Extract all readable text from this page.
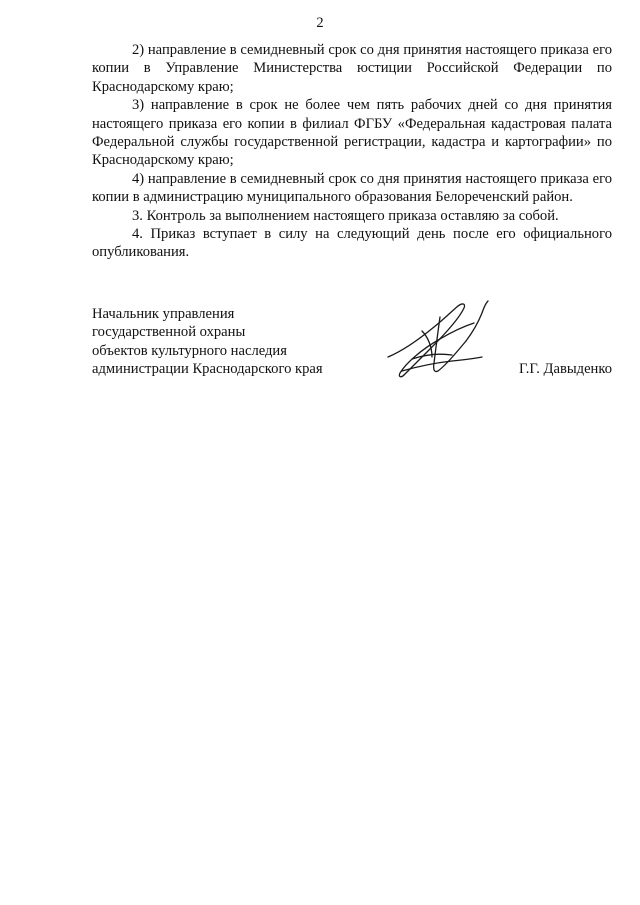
2

2) направление в семидневный срок со дня принятия настоящего приказа его копии в Управление Министерства юстиции Российской Федерации по Краснодарскому краю;

3) направление в срок не более чем пять рабочих дней со дня принятия настоящего приказа его копии в филиал ФГБУ «Федеральная кадастровая палата Федеральной службы государственной регистрации, кадастра и картографии» по Краснодарскому краю;

4) направление в семидневный срок со дня принятия настоящего приказа его копии в администрацию муниципального образования Белореченский район.

3. Контроль за выполнением настоящего приказа оставляю за собой.

4. Приказ вступает в силу на следующий день после его официального опубликования.

Начальник управления
государственной охраны
объектов культурного наследия
администрации Краснодарского края	Г.Г. Давыденко
